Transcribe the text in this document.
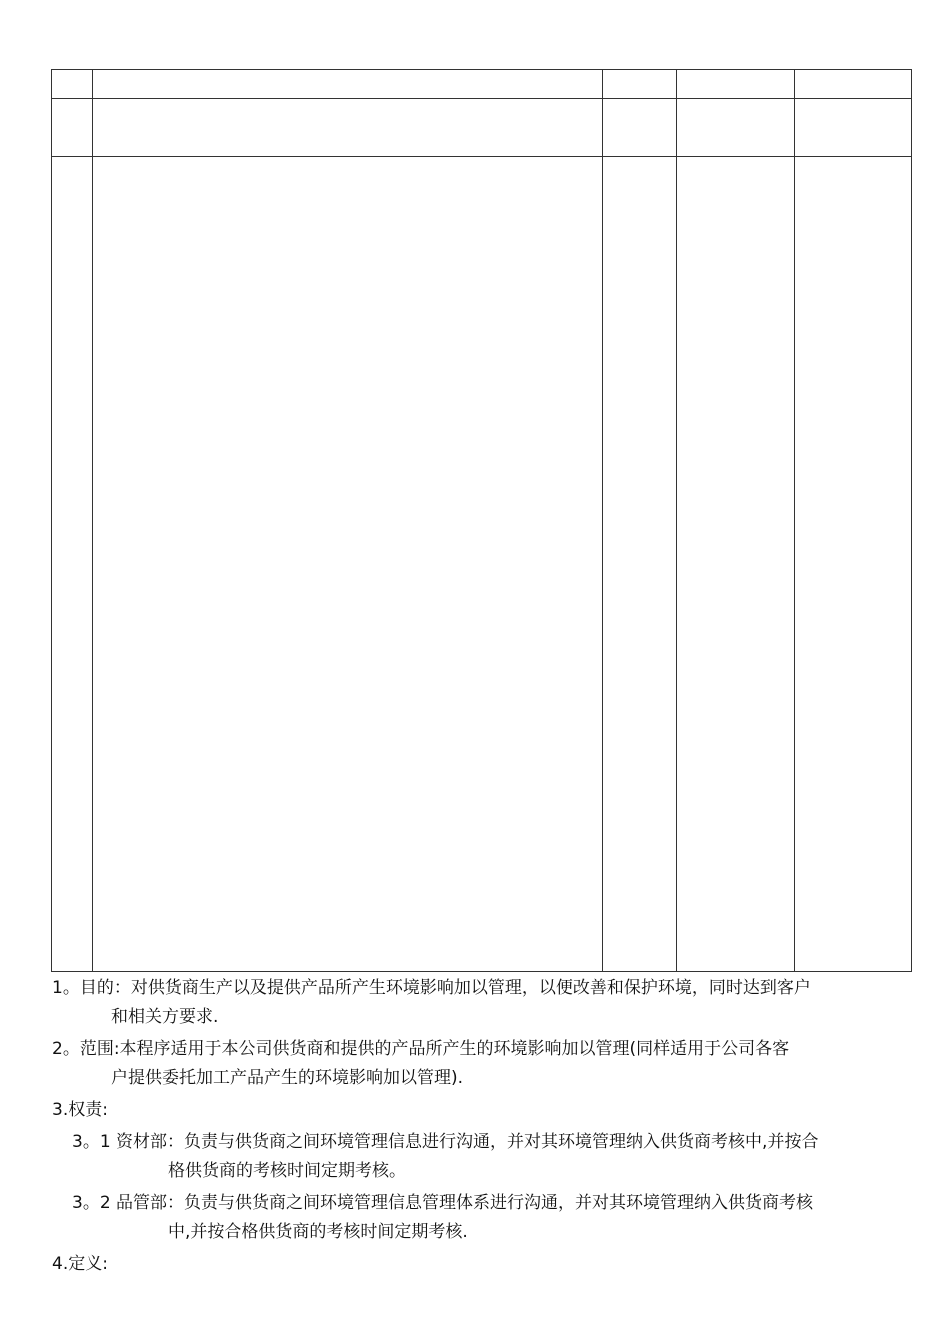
1。目的：对供货商生产以及提供产品所产生环境影响加以管理，以便改善和保护环境，同时达到客户
和相关方要求.
2。范围:本程序适用于本公司供货商和提供的产品所产生的环境影响加以管理(同样适用于公司各客
户提供委托加工产品产生的环境影响加以管理).
3.权责:
3。1 资材部：负责与供货商之间环境管理信息进行沟通，并对其环境管理纳入供货商考核中,并按合
格供货商的考核时间定期考核。
3。2 品管部：负责与供货商之间环境管理信息管理体系进行沟通，并对其环境管理纳入供货商考核
中,并按合格供货商的考核时间定期考核.
4.定义:
